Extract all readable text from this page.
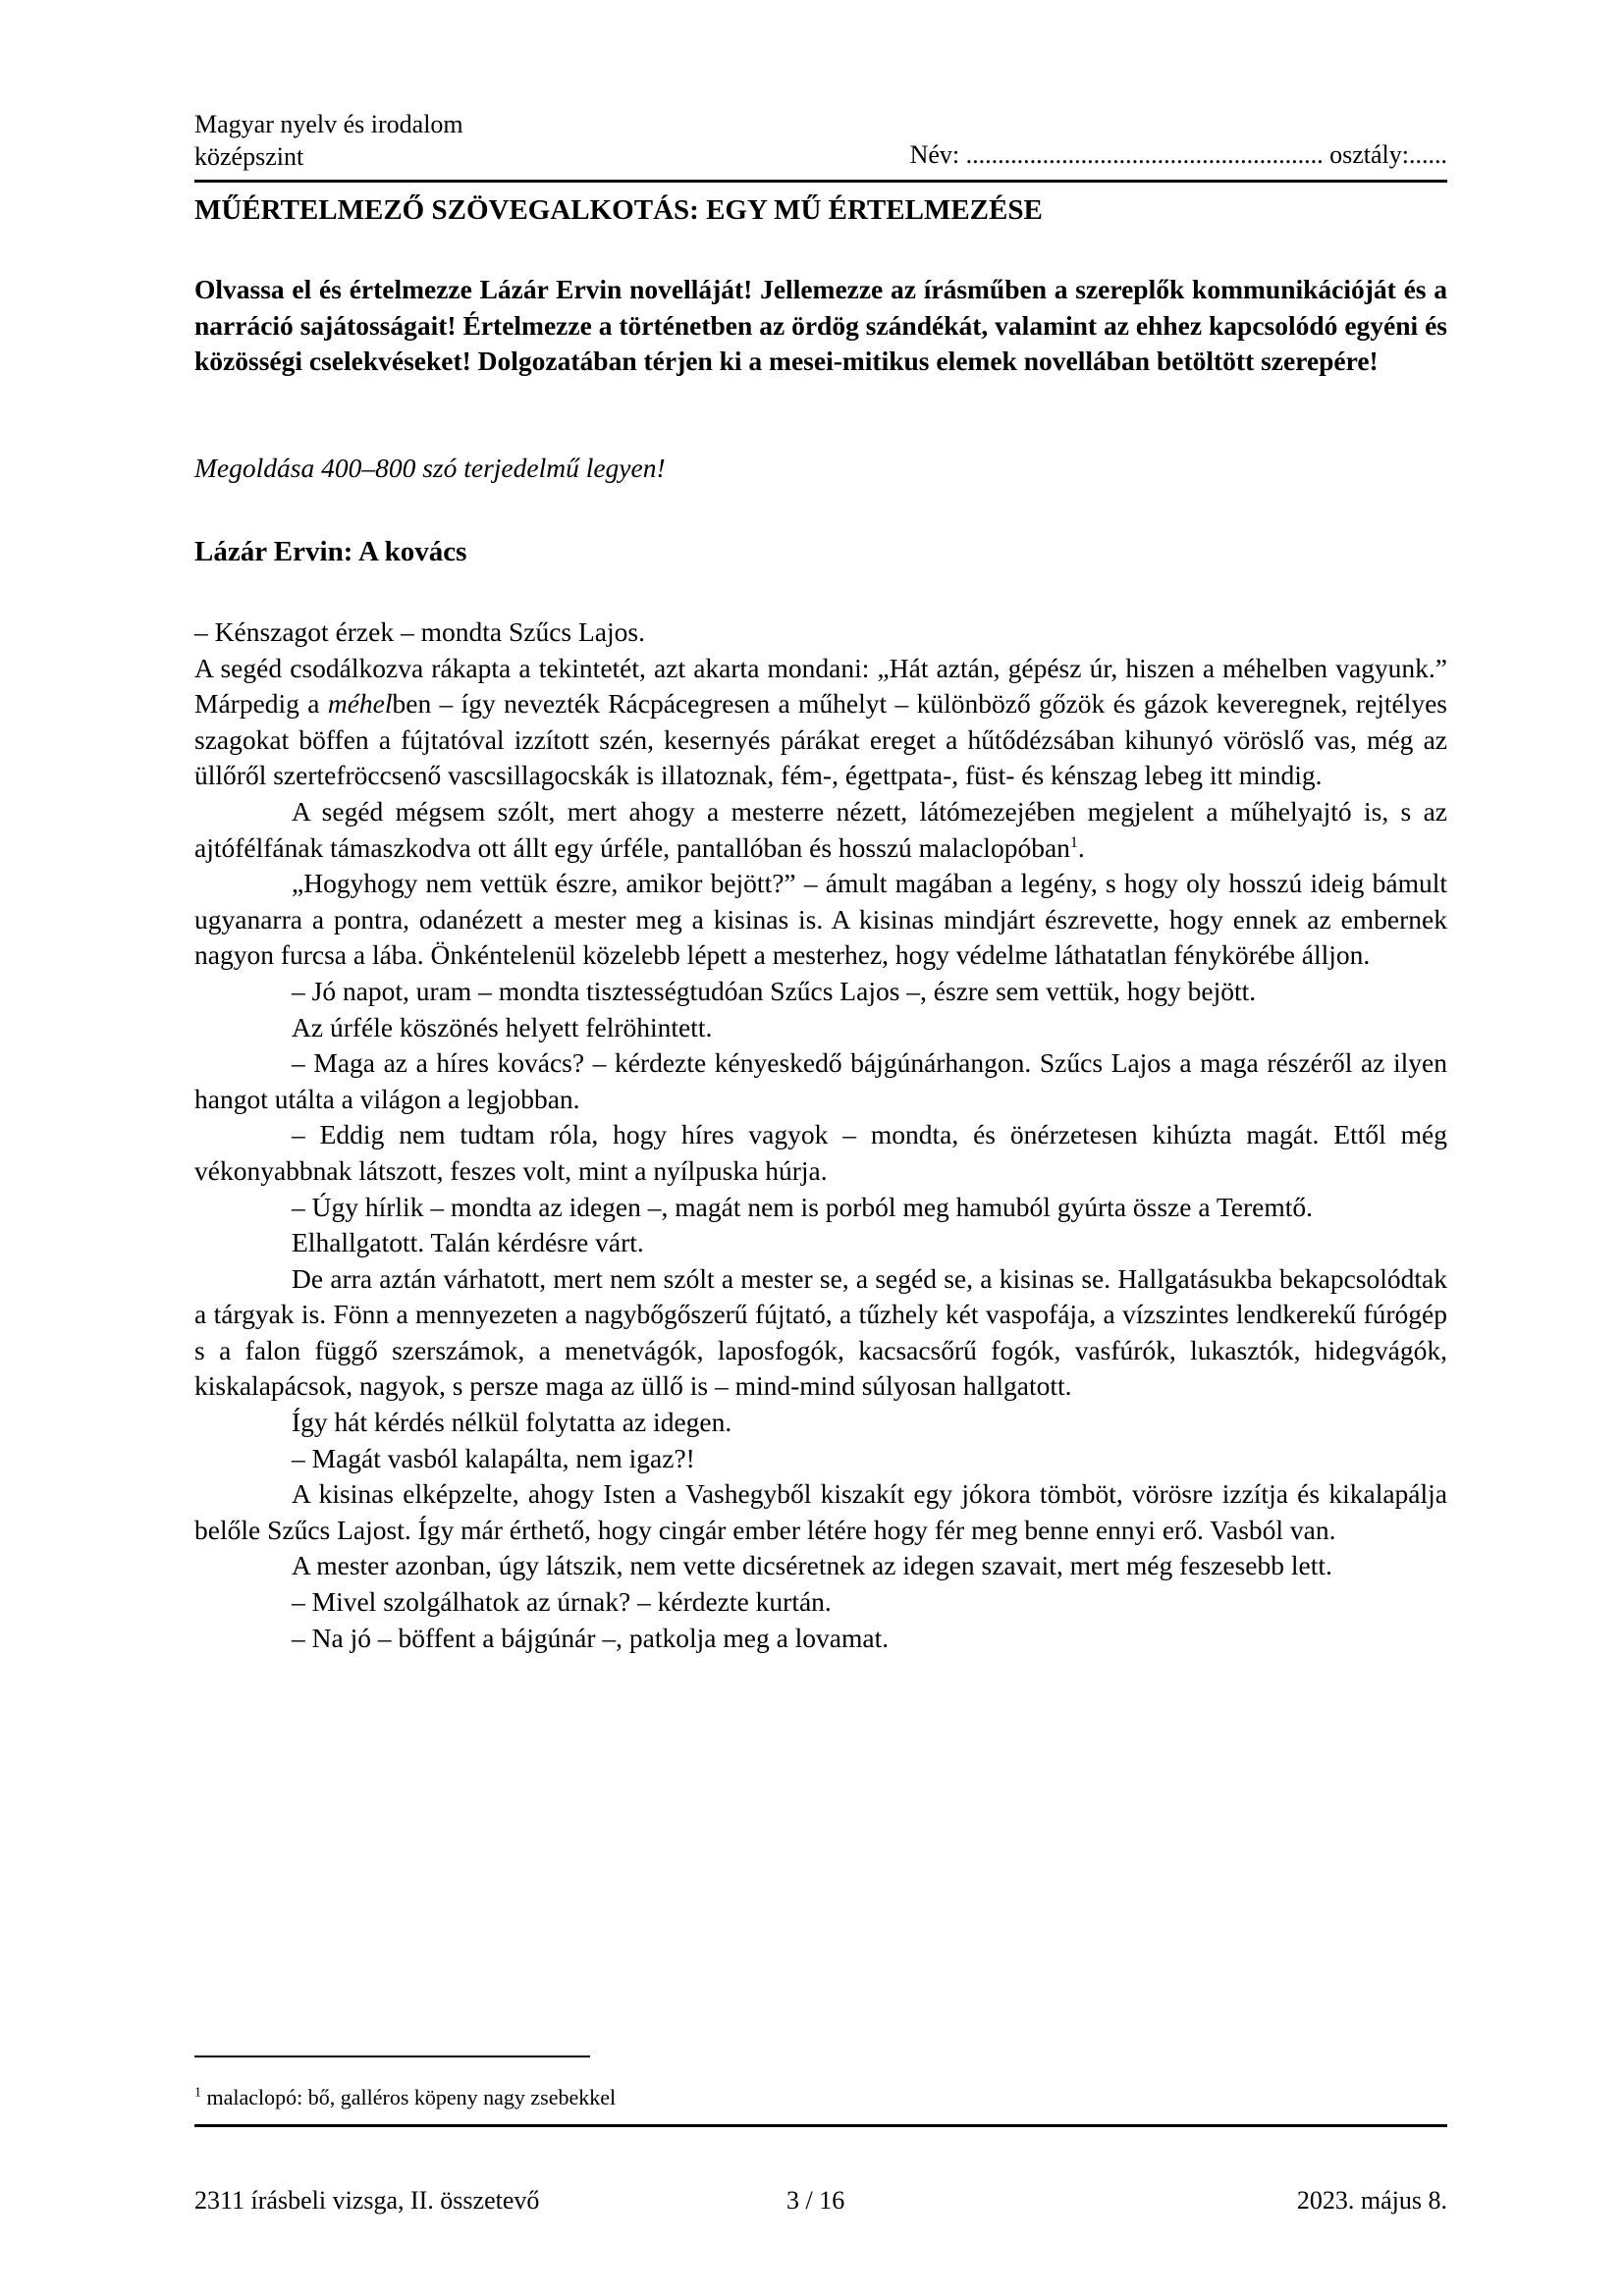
Magyar nyelv és irodalom
középszint	Név: ........................................................ osztály:......
MŰÉRTELMEZŐ SZÖVEGALKOTÁS: EGY MŰ ÉRTELMEZÉSE
Olvassa el és értelmezze Lázár Ervin novelláját! Jellemezze az írásműben a szereplők kommunikációját és a narráció sajátosságait! Értelmezze a történetben az ördög szándékát, valamint az ehhez kapcsolódó egyéni és közösségi cselekvéseket! Dolgozatában térjen ki a mesei-mitikus elemek novellában betöltött szerepére!
Megoldása 400–800 szó terjedelmű legyen!
Lázár Ervin: A kovács

– Kénszagot érzek – mondta Szűcs Lajos.

A segéd csodálkozva rákapta a tekintetét, azt akarta mondani: „Hát aztán, gépész úr, hiszen a méhelben vagyunk.” Márpedig a méhelben – így nevezték Rácpácegresen a műhelyt – különböző gőzök és gázok keveregnek, rejtélyes szagokat böffen a fújtatóval izzított szén, kesernyés párákat ereget a hűtődézsában kihunyó vöröslő vas, még az üllőről szertefröccsenő vascsillagocskák is illatoznak, fém-, égettpata-, füst- és kénszag lebeg itt mindig.

A segéd mégsem szólt, mert ahogy a mesterre nézett, látómezejében megjelent a műhelyajtó is, s az ajtófélfának támaszkodva ott állt egy úrféle, pantallóban és hosszú malaclopóban$^1$.

„Hogyhogy nem vettük észre, amikor bejött?” – ámult magában a legény, s hogy oly hosszú ideig bámult ugyanarra a pontra, odanézett a mester meg a kisinas is. A kisinas mindjárt észrevette, hogy ennek az embernek nagyon furcsa a lába. Önkéntelenül közelebb lépett a mesterhez, hogy védelme láthatatlan fénykörébe álljon.

– Jó napot, uram – mondta tisztességtudóan Szűcs Lajos –, észre sem vettük, hogy bejött.

Az úrféle köszönés helyett felröhintett.

– Maga az a híres kovács? – kérdezte kényeskedő bájgúnárhangon. Szűcs Lajos a maga részéről az ilyen hangot utálta a világon a legjobban.

– Eddig nem tudtam róla, hogy híres vagyok – mondta, és önérzetesen kihúzta magát. Ettől még vékonyabbnak látszott, feszes volt, mint a nyílpuska húrja.

– Úgy hírlik – mondta az idegen –, magát nem is porból meg hamuból gyúrta össze a Teremtő.

Elhallgatott. Talán kérdésre várt.

De arra aztán várhatott, mert nem szólt a mester se, a segéd se, a kisinas se. Hallgatásukba bekapcsolódtak a tárgyak is. Fönn a mennyezeten a nagybőgőszerű fújtató, a tűzhely két vaspofája, a vízszintes lendkerekű fúrógép s a falon függő szerszámok, a menetvágók, laposfogók, kacsacsőrű fogók, vasfúrók, lukasztók, hidegvágók, kiskalapácsok, nagyok, s persze maga az üllő is – mind-mind súlyosan hallgatott.

Így hát kérdés nélkül folytatta az idegen.

– Magát vasból kalapálta, nem igaz?!

A kisinas elképzelte, ahogy Isten a Vashegyből kiszakít egy jókora tömböt, vörösre izzítja és kikalapálja belőle Szűcs Lajost. Így már érthető, hogy cingár ember létére hogy fér meg benne ennyi erő. Vasból van.

A mester azonban, úgy látszik, nem vette dicséretnek az idegen szavait, mert még feszesebb lett.

– Mivel szolgálhatok az úrnak? – kérdezte kurtán.

– Na jó – böffent a bájgúnár –, patkolja meg a lovamat.

$^1$ malaclopó: bő, galléros köpeny nagy zsebekkel
2311 írásbeli vizsga, II. összetevő	3 / 16	2023. május 8.
